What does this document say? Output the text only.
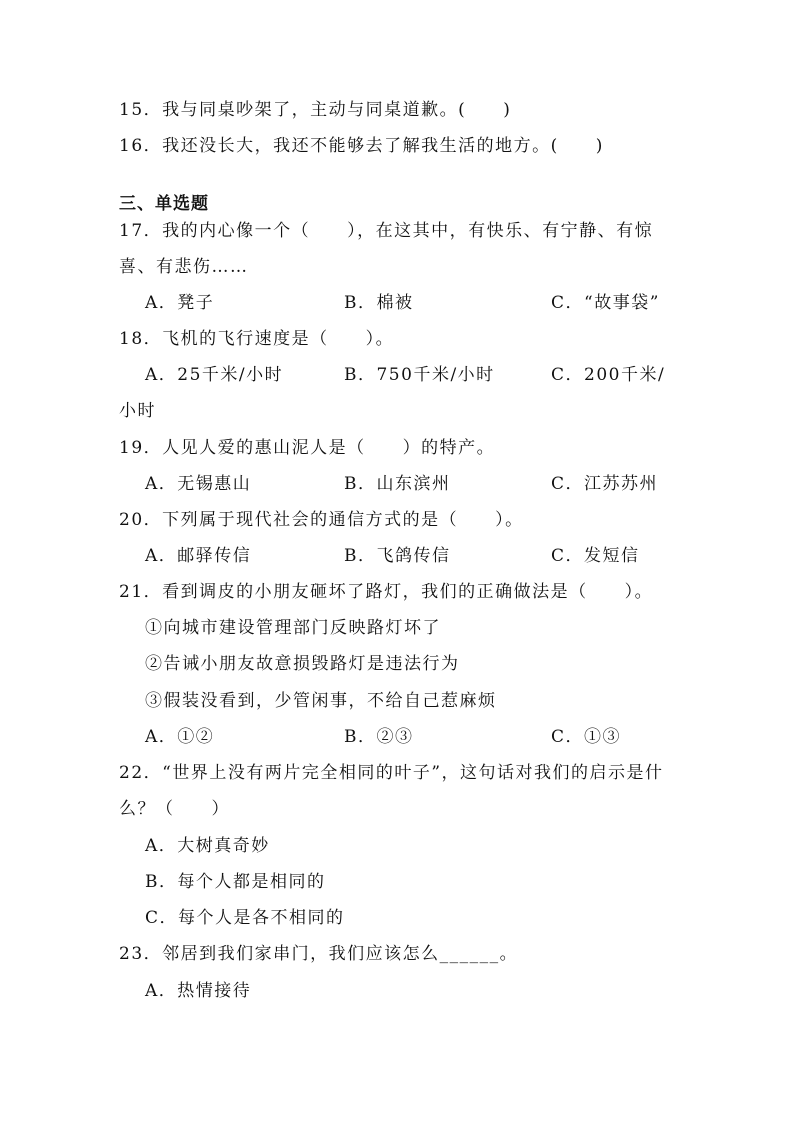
15．我与同桌吵架了，主动与同桌道歉。(　　)
16．我还没长大，我还不能够去了解我生活的地方。(　　)
三、单选题
17．我的内心像一个（　　），在这其中，有快乐、有宁静、有惊
喜、有悲伤……
A．凳子	B．棉被	C．“故事袋”
18．飞机的飞行速度是（　　）。
A．25千米/小时	B．750千米/小时	C．200千米/
小时
19．人见人爱的惠山泥人是（　　）的特产。
A．无锡惠山	B．山东滨州	C．江苏苏州
20．下列属于现代社会的通信方式的是（　　）。
A．邮驿传信	B．飞鸽传信	C．发短信
21．看到调皮的小朋友砸坏了路灯，我们的正确做法是（　　）。
①向城市建设管理部门反映路灯坏了
②告诫小朋友故意损毁路灯是违法行为
③假装没看到，少管闲事，不给自己惹麻烦
A．①②	B．②③	C．①③
22．“世界上没有两片完全相同的叶子”，这句话对我们的启示是什
么？（　　）
A．大树真奇妙
B．每个人都是相同的
C．每个人是各不相同的
23．邻居到我们家串门，我们应该怎么______。
A．热情接待
